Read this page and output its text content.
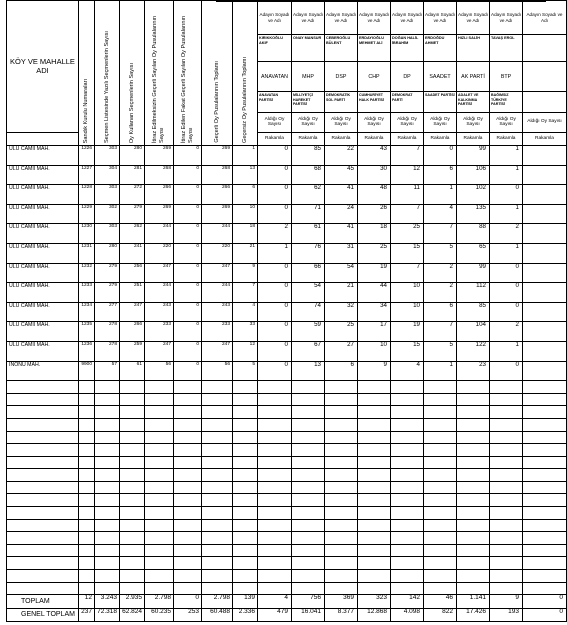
KÖY VE MAHALLE ADI	Sandık Kurulu Numaraları	Seçmen Listesinde Yazılı Seçmenlerin Sayısı	Oy Kullanan Seçmenlerin Sayısı	İtiraz Edilmeksizin Geçerli Sayılan Oy Pusulalarının Sayısı	İtiraz Edilen Fakat Geçerli Sayılan Oy Pusulalarının Sayısı	Geçerli Oy Pusulalarının Toplamı	Geçersiz Oy Pusulalarının Toplamı	Adayın Soyadı ve Adı	Adayın Soyadı ve Adı	Adayın Soyadı ve Adı	Adayın Soyadı ve Adı	Adayın Soyadı ve Adı	Adayın Soyadı ve Adı	Adayın Soyadı ve Adı	Adayın Soyadı ve Adı	Adayın Soyadı ve Adı
								KIRIKKOĞLU AKIF	ONAY MANSUR	CEBEROĞLU BÜLENT	ERDAYIOĞLU MEHMET ALİ	DOĞAN HALİL İBRAHİM	ERDOĞDU AHMET	HIZLI SALİH	TAVAŞ EROL	
								ANAVATAN	MHP	DSP	CHP	DP	SAADET	AK PARTİ	BTP	
								ANAVATAN PARTİSİ	MİLLİYETÇİ HAREKET PARTİSİ	DEMOKRATİK SOL PARTİ	CUMHURİYET HALK PARTİSİ	DEMOKRAT PARTİ	SAADET PARTİSİ	ADALET VE KALKINMA PARTİSİ	BAĞIMSIZ TÜRKİYE PARTİSİ	
								Aldığı Oy Sayısı	Aldığı Oy Sayısı	Aldığı Oy Sayısı	Aldığı Oy Sayısı	Aldığı Oy Sayısı	Aldığı Oy Sayısı	Aldığı Oy Sayısı	Aldığı Oy Sayısı	Aldığı Oy Sayısı
								Rakamla	Rakamla	Rakamla	Rakamla	Rakamla	Rakamla	Rakamla	Rakamla	Rakamla
ULU CAMİİ MAH.	1226	303	280	269	0	269	1	0	85	22	43	7	0	99	1	
ULU CAMİİ MAH.	1227	304	281	268	0	268	13	0	68	45	30	12	6	106	1	
ULU CAMİİ MAH.	1228	303	272	266	0	266	6	0	62	41	48	11	1	102	0	
ULU CAMİİ MAH.	1229	302	279	269	0	269	10	0	71	24	26	7	4	135	1	
ULU CAMİİ MAH.	1230	303	262	244	0	244	18	2	61	41	18	25	7	88	2	
ULU CAMİİ MAH.	1231	280	241	220	0	220	21	1	76	31	25	15	5	65	1	
ULU CAMİİ MAH.	1232	279	256	247	0	247	9	0	66	54	19	7	2	99	0	
ULU CAMİİ MAH.	1233	279	251	244	0	244	7	0	54	21	44	10	2	112	0	
ULU CAMİİ MAH.	1234	277	247	243	0	243	4	0	74	32	34	10	6	85	0	
ULU CAMİİ MAH.	1235	278	266	233	0	233	33	0	59	25	17	19	7	104	2	
ULU CAMİİ MAH.	1236	278	259	247	0	247	12	0	67	27	10	15	5	122	1	
İNÖNÜ MAH.	9900	57	61	56	0	56	5	0	13	6	9	4	1	23	0	

TOPLAM	12	3.243	2.935	2.798	0	2.798	139	4	756	369	323	142	46	1.141	9	0
GENEL TOPLAM	237	72.318	62.824	60.235	253	60.488	2.336	479	16.041	8.377	12.868	4.098	822	17.426	193	0
